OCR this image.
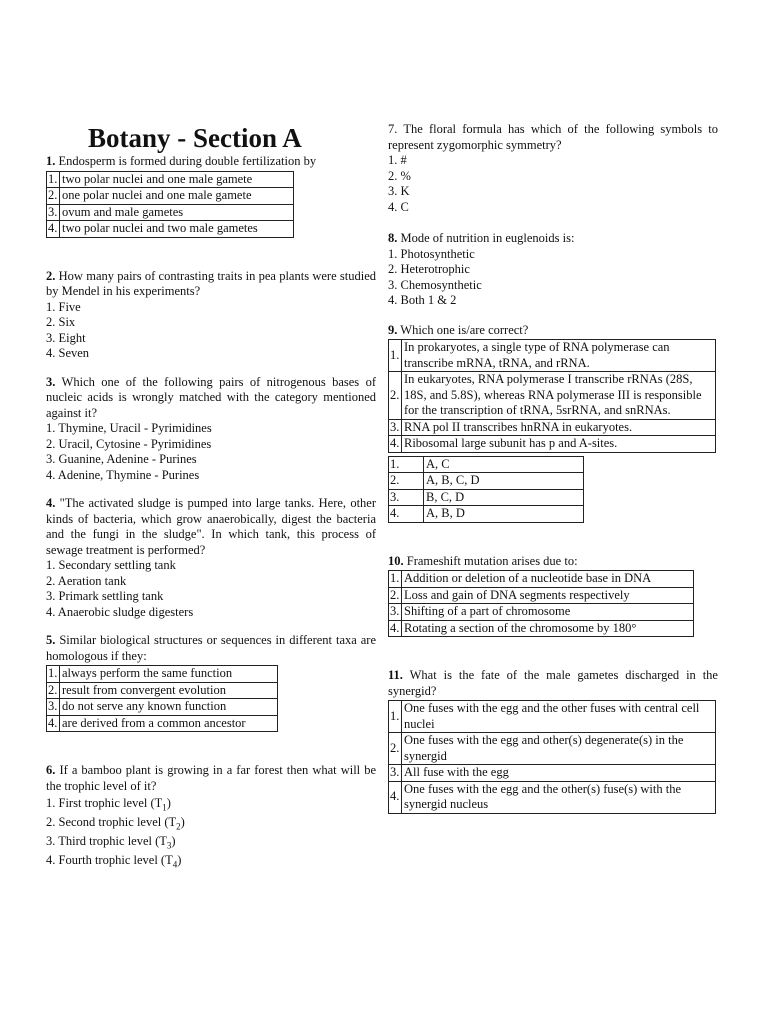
Botany - Section A
1. Endosperm is formed during double fertilization by
1.	two polar nuclei and one male gamete
2.	one polar nuclei and one male gamete
3.	ovum and male gametes
4.	two polar nuclei and two male gametes
2. How many pairs of contrasting traits in pea plants were studied by Mendel in his experiments?
1. Five
2. Six
3. Eight
4. Seven
3. Which one of the following pairs of nitrogenous bases of nucleic acids is wrongly matched with the category mentioned against it?
1. Thymine, Uracil - Pyrimidines
2. Uracil, Cytosine - Pyrimidines
3. Guanine, Adenine - Purines
4. Adenine, Thymine - Purines
4. "The activated sludge is pumped into large tanks. Here, other kinds of bacteria, which grow anaerobically, digest the bacteria and the fungi in the sludge". In which tank, this process of sewage treatment is performed?
1. Secondary settling tank
2. Aeration tank
3. Primark settling tank
4. Anaerobic sludge digesters
5. Similar biological structures or sequences in different taxa are homologous if they:
1.	always perform the same function
2.	result from convergent evolution
3.	do not serve any known function
4.	are derived from a common ancestor
6. If a bamboo plant is growing in a far forest then what will be the trophic level of it?
1. First trophic level $(T_1)$
2. Second trophic level $(T_2)$
3. Third trophic level $(T_3)$
4. Fourth trophic level $(T_4)$
7. The floral formula has which of the following symbols to represent zygomorphic symmetry?
1. #
2. %
3. K
4. C
8. Mode of nutrition in euglenoids is:
1. Photosynthetic
2. Heterotrophic
3. Chemosynthetic
4. Both 1 & 2
9. Which one is/are correct?
1.	In prokaryotes, a single type of RNA polymerase can transcribe mRNA, tRNA, and rRNA.
2.	In eukaryotes, RNA polymerase I transcribe rRNAs (28S, 18S, and 5.8S), whereas RNA polymerase III is responsible for the transcription of tRNA, 5srRNA, and snRNAs.
3.	RNA pol II transcribes hnRNA in eukaryotes.
4.	Ribosomal large subunit has p and A-sites.
1.	A, C
2.	A, B, C, D
3.	B, C, D
4.	A, B, D
10. Frameshift mutation arises due to:
1.	Addition or deletion of a nucleotide base in DNA
2.	Loss and gain of DNA segments respectively
3.	Shifting of a part of chromosome
4.	Rotating a section of the chromosome by 180°
11. What is the fate of the male gametes discharged in the synergid?
1.	One fuses with the egg and the other fuses with central cell nuclei
2.	One fuses with the egg and other(s) degenerate(s) in the synergid
3.	All fuse with the egg
4.	One fuses with the egg and the other(s) fuse(s) with the synergid nucleus
